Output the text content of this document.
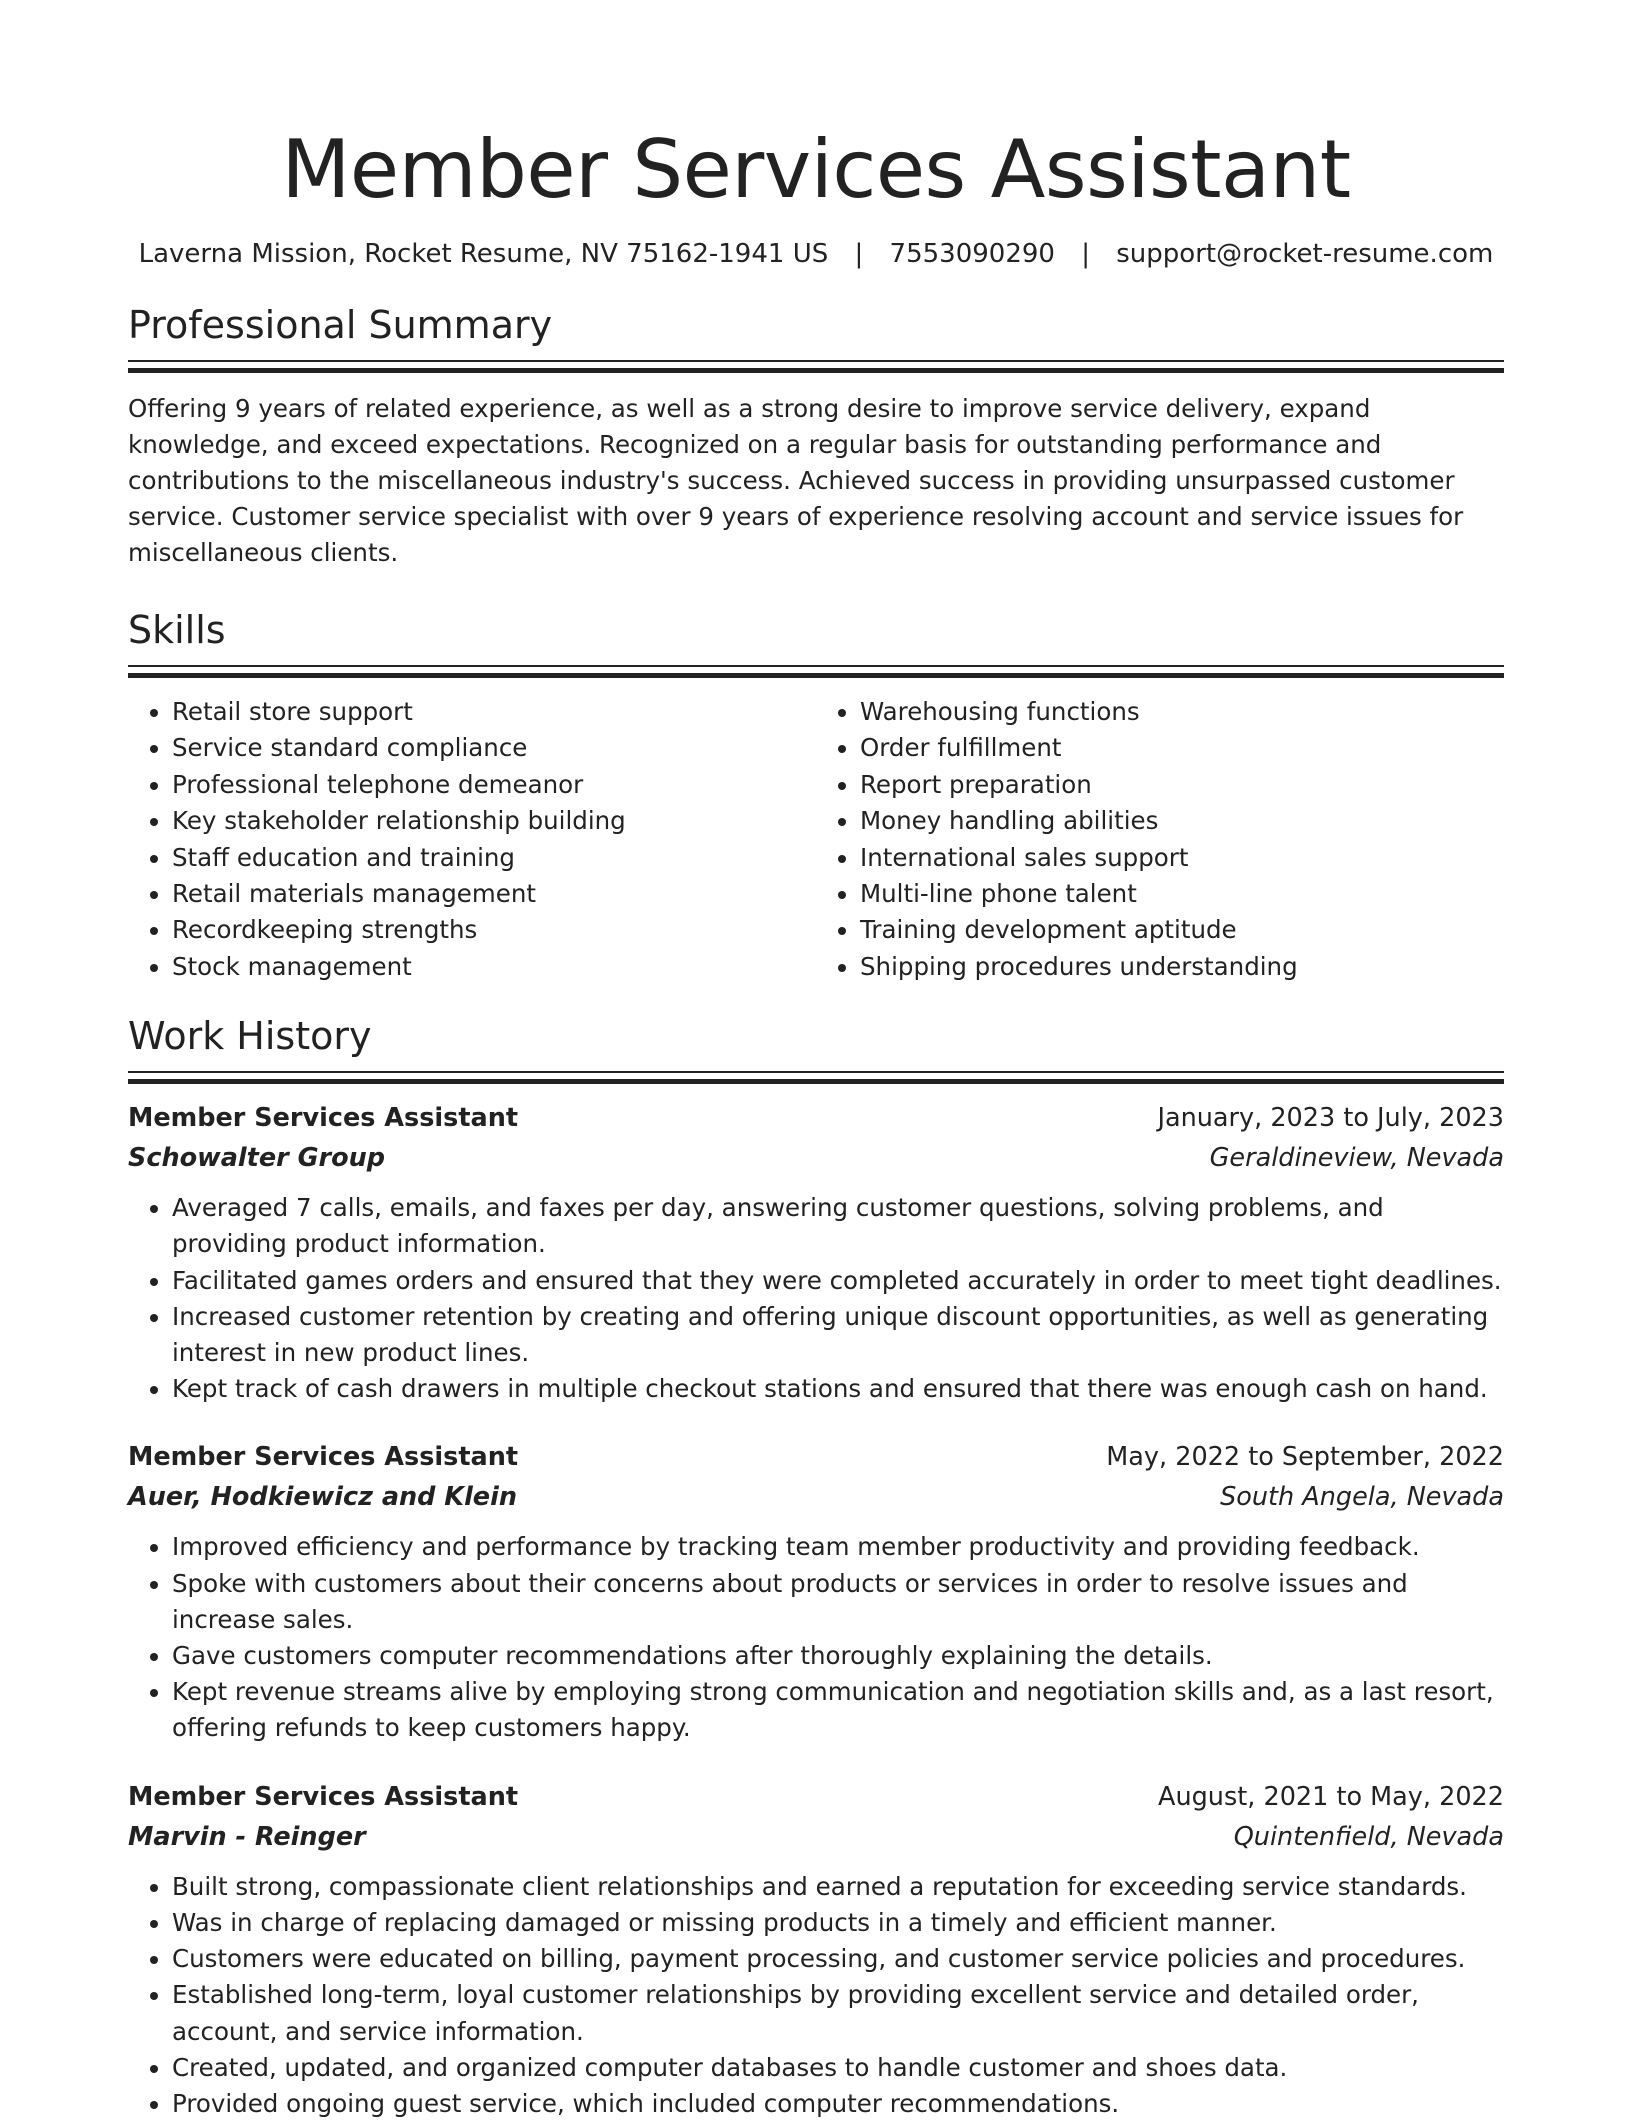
Member Services Assistant
Laverna Mission, Rocket Resume, NV 75162-1941 US | 7553090290 | support@rocket-resume.com
Professional Summary

Offering 9 years of related experience, as well as a strong desire to improve service delivery, expand knowledge, and exceed expectations. Recognized on a regular basis for outstanding performance and contributions to the miscellaneous industry's success. Achieved success in providing unsurpassed customer service. Customer service specialist with over 9 years of experience resolving account and service issues for miscellaneous clients.

Skills
• Retail store support
• Service standard compliance
• Professional telephone demeanor
• Key stakeholder relationship building
• Staff education and training
• Retail materials management
• Recordkeeping strengths
• Stock management
• Warehousing functions
• Order fulfillment
• Report preparation
• Money handling abilities
• International sales support
• Multi-line phone talent
• Training development aptitude
• Shipping procedures understanding
Work History
Member Services Assistant	January, 2023 to July, 2023
Schowalter Group	Geraldineview, Nevada
• Averaged 7 calls, emails, and faxes per day, answering customer questions, solving problems, and providing product information.
• Facilitated games orders and ensured that they were completed accurately in order to meet tight deadlines.
• Increased customer retention by creating and offering unique discount opportunities, as well as generating interest in new product lines.
• Kept track of cash drawers in multiple checkout stations and ensured that there was enough cash on hand.
Member Services Assistant	May, 2022 to September, 2022
Auer, Hodkiewicz and Klein	South Angela, Nevada
• Improved efficiency and performance by tracking team member productivity and providing feedback.
• Spoke with customers about their concerns about products or services in order to resolve issues and increase sales.
• Gave customers computer recommendations after thoroughly explaining the details.
• Kept revenue streams alive by employing strong communication and negotiation skills and, as a last resort, offering refunds to keep customers happy.
Member Services Assistant	August, 2021 to May, 2022
Marvin - Reinger	Quintenfield, Nevada
• Built strong, compassionate client relationships and earned a reputation for exceeding service standards.
• Was in charge of replacing damaged or missing products in a timely and efficient manner.
• Customers were educated on billing, payment processing, and customer service policies and procedures.
• Established long-term, loyal customer relationships by providing excellent service and detailed order, account, and service information.
• Created, updated, and organized computer databases to handle customer and shoes data.
• Provided ongoing guest service, which included computer recommendations.
